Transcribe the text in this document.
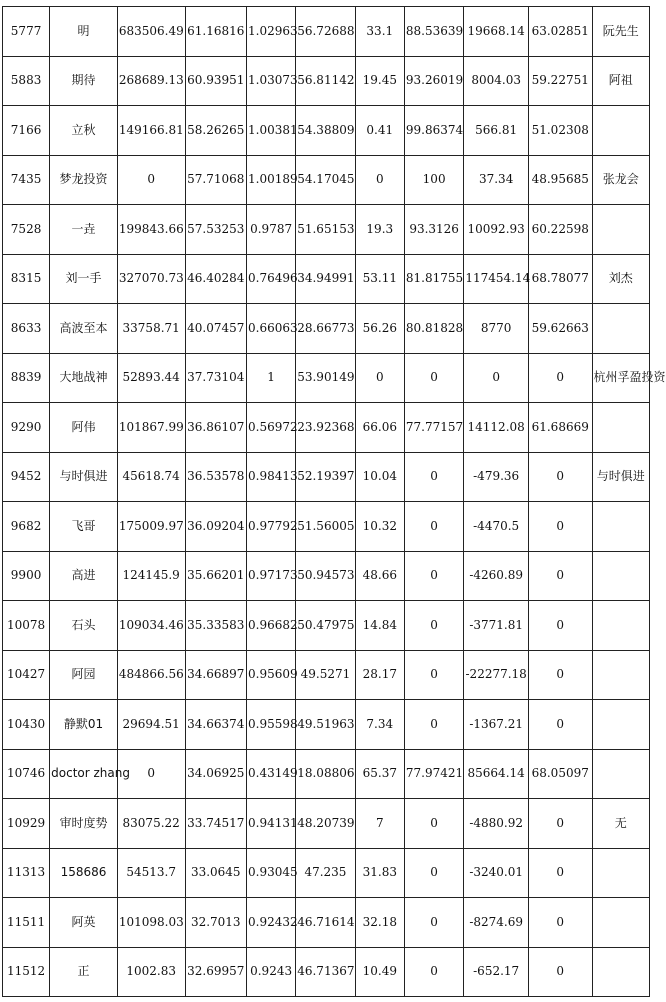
5777	明	683506.49	61.16816	1.02963	56.72688	33.1	88.53639	19668.14	63.02851	阮先生
5883	期待	268689.13	60.93951	1.03073	56.81142	19.45	93.26019	8004.03	59.22751	阿祖
7166	立秋	149166.81	58.26265	1.00381	54.38809	0.41	99.86374	566.81	51.02308	
7435	梦龙投资	0	57.71068	1.00189	54.17045	0	100	37.34	48.95685	张龙会
7528	一垚	199843.66	57.53253	0.9787	51.65153	19.3	93.3126	10092.93	60.22598	
8315	刘一手	327070.73	46.40284	0.76496	34.94991	53.11	81.81755	117454.14	68.78077	刘杰
8633	高波至本	33758.71	40.07457	0.66063	28.66773	56.26	80.81828	8770	59.62663	
8839	大地战神	52893.44	37.73104	1	53.90149	0	0	0	0	杭州孚盈投资
9290	阿伟	101867.99	36.86107	0.56972	23.92368	66.06	77.77157	14112.08	61.68669	
9452	与时俱进	45618.74	36.53578	0.98413	52.19397	10.04	0	-479.36	0	与时俱进
9682	飞哥	175009.97	36.09204	0.97792	51.56005	10.32	0	-4470.5	0	
9900	高进	124145.9	35.66201	0.97173	50.94573	48.66	0	-4260.89	0	
10078	石头	109034.46	35.33583	0.96682	50.47975	14.84	0	-3771.81	0	
10427	阿园	484866.56	34.66897	0.95609	49.5271	28.17	0	-22277.18	0	
10430	静默01	29694.51	34.66374	0.95598	49.51963	7.34	0	-1367.21	0	
10746	doctor zhang	0	34.06925	0.43149	18.08806	65.37	77.97421	85664.14	68.05097	
10929	审时度势	83075.22	33.74517	0.94131	48.20739	7	0	-4880.92	0	无
11313	158686	54513.7	33.0645	0.93045	47.235	31.83	0	-3240.01	0	
11511	阿英	101098.03	32.7013	0.92432	46.71614	32.18	0	-8274.69	0	
11512	正	1002.83	32.69957	0.9243	46.71367	10.49	0	-652.17	0	
